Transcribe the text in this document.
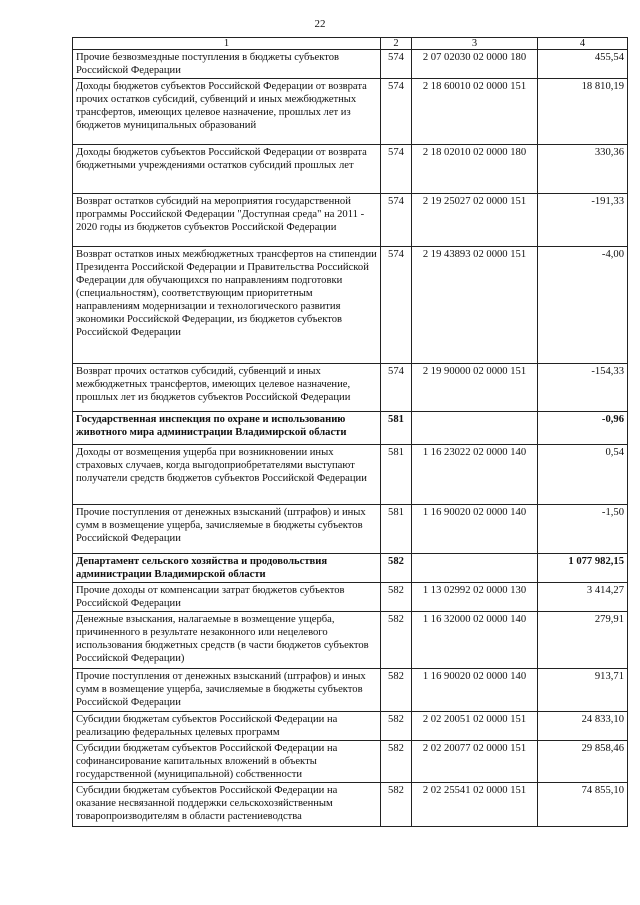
22
1	2	3	4
Прочие безвозмездные поступления в бюджеты субъектов Российской Федерации	574	2 07 02030 02 0000 180	455,54
Доходы бюджетов субъектов Российской Федерации от возврата прочих остатков субсидий, субвенций и иных межбюджетных трансфертов, имеющих целевое назначение, прошлых лет из бюджетов муниципальных образований	574	2 18 60010 02 0000 151	18 810,19
Доходы бюджетов субъектов Российской Федерации от возврата бюджетными учреждениями остатков субсидий прошлых лет	574	2 18 02010 02 0000 180	330,36
Возврат остатков субсидий на мероприятия государственной программы Российской Федерации "Доступная среда" на 2011 - 2020 годы из бюджетов субъектов Российской Федерации	574	2 19 25027 02 0000 151	-191,33
Возврат остатков иных межбюджетных трансфертов на стипендии Президента Российской Федерации и Правительства Российской Федерации для обучающихся по направлениям подготовки (специальностям), соответствующим приоритетным направлениям модернизации и технологического развития экономики Российской Федерации, из бюджетов субъектов Российской Федерации	574	2 19 43893 02 0000 151	-4,00
Возврат прочих остатков субсидий, субвенций и иных межбюджетных трансфертов, имеющих целевое назначение, прошлых лет из бюджетов субъектов Российской Федерации	574	2 19 90000 02 0000 151	-154,33
Государственная инспекция по охране и использованию животного мира администрации Владимирской области	581		-0,96
Доходы от возмещения ущерба при возникновении иных страховых случаев, когда выгодоприобретателями выступают получатели средств бюджетов субъектов Российской Федерации	581	1 16 23022 02 0000 140	0,54
Прочие поступления от денежных взысканий (штрафов) и иных сумм в возмещение ущерба, зачисляемые в бюджеты субъектов Российской Федерации	581	1 16 90020 02 0000 140	-1,50
Департамент сельского хозяйства и продовольствия администрации Владимирской области	582		1 077 982,15
Прочие доходы от компенсации затрат бюджетов субъектов Российской Федерации	582	1 13 02992 02 0000 130	3 414,27
Денежные взыскания, налагаемые в возмещение ущерба, причиненного в результате незаконного или нецелевого использования бюджетных средств (в части бюджетов субъектов Российской Федерации)	582	1 16 32000 02 0000 140	279,91
Прочие поступления от денежных взысканий (штрафов) и иных сумм в возмещение ущерба, зачисляемые в бюджеты субъектов Российской Федерации	582	1 16 90020 02 0000 140	913,71
Субсидии бюджетам субъектов Российской Федерации на реализацию федеральных целевых программ	582	2 02 20051 02 0000 151	24 833,10
Субсидии бюджетам субъектов Российской Федерации на софинансирование капитальных вложений в объекты государственной (муниципальной) собственности	582	2 02 20077 02 0000 151	29 858,46
Субсидии бюджетам субъектов Российской Федерации на оказание несвязанной поддержки сельскохозяйственным товаропроизводителям в области растениеводства	582	2 02 25541 02 0000 151	74 855,10
